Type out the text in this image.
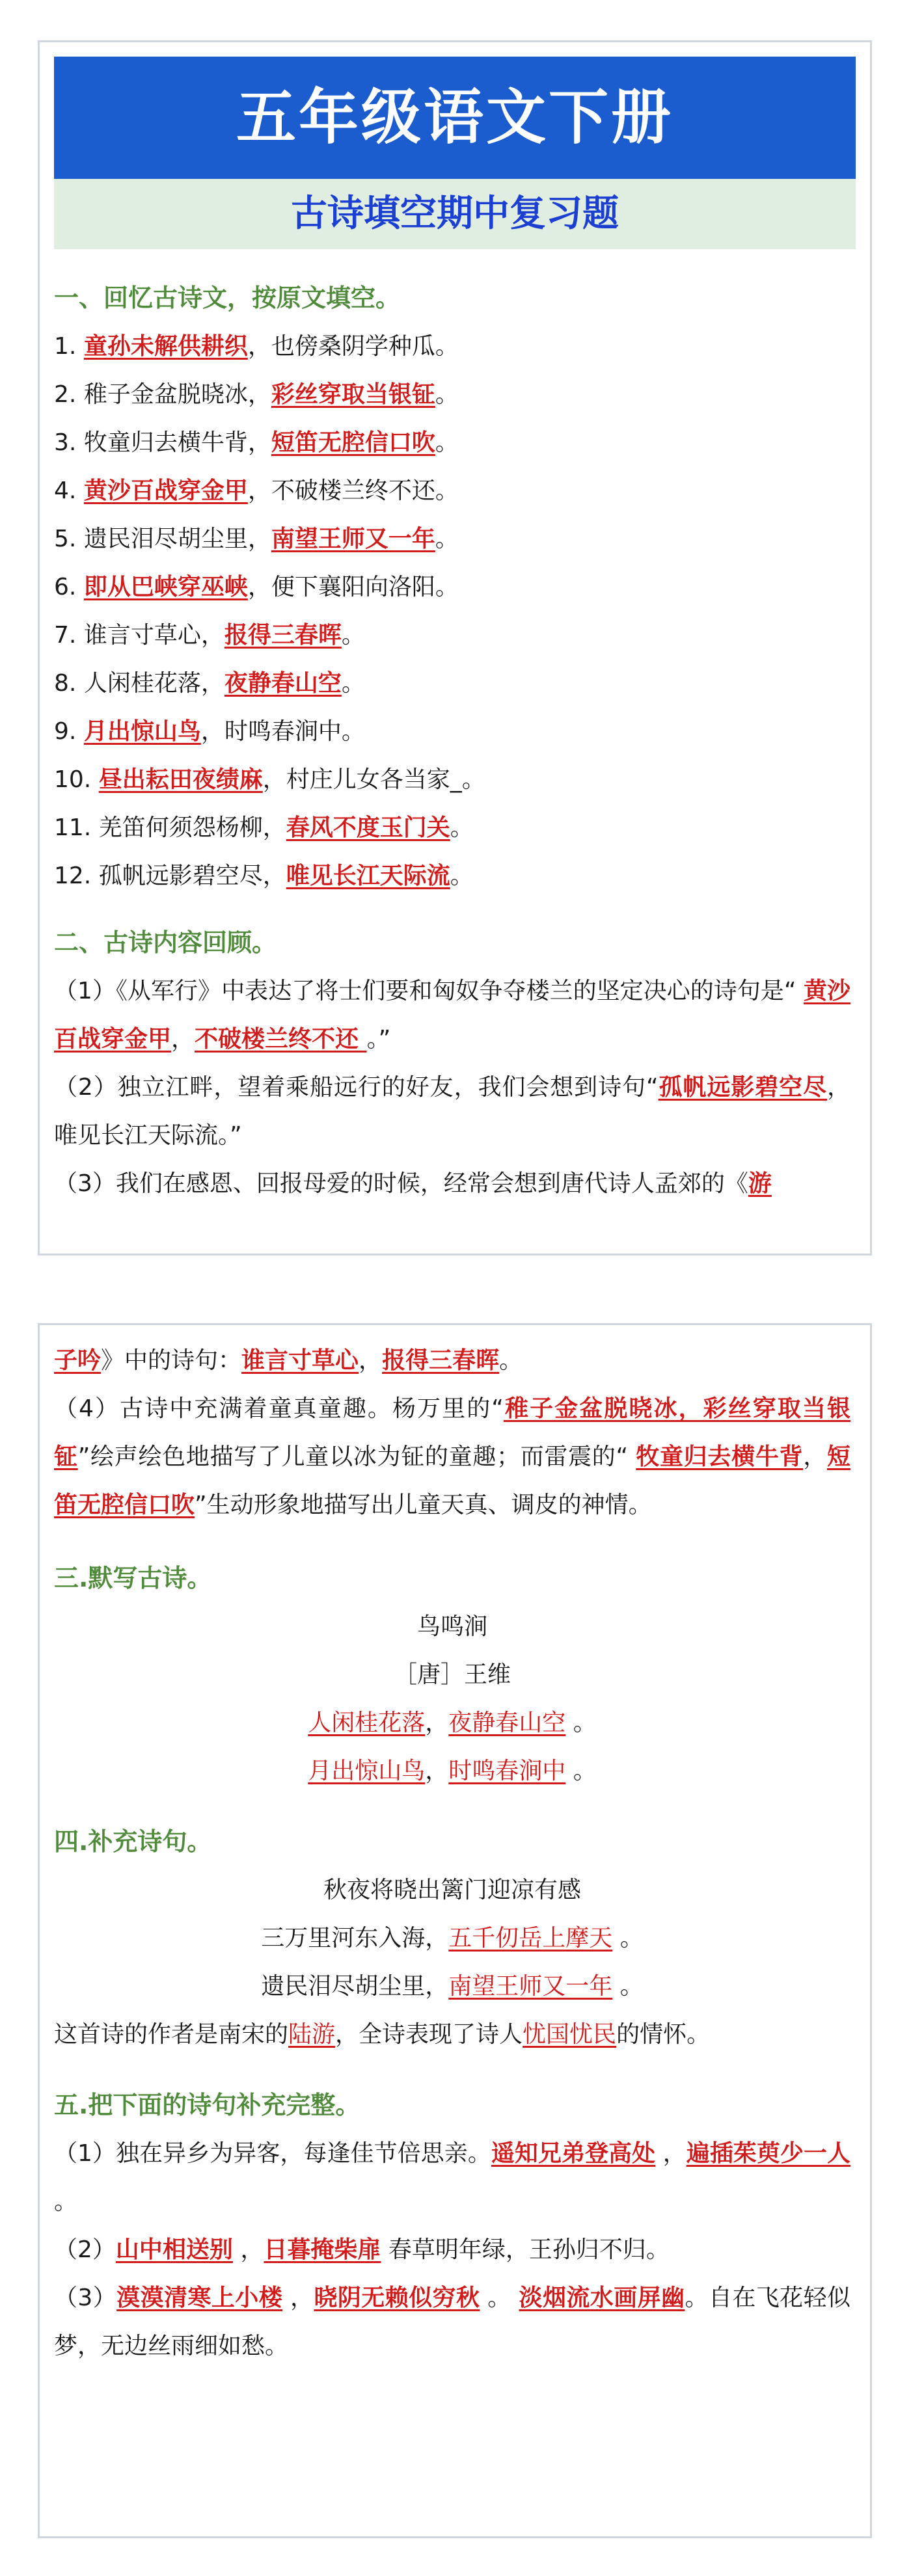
五年级语文下册
古诗填空期中复习题
一、回忆古诗文，按原文填空。
1. 童孙未解供耕织，也傍桑阴学种瓜。
2. 稚子金盆脱晓冰，彩丝穿取当银钲。
3. 牧童归去横牛背，短笛无腔信口吹。
4. 黄沙百战穿金甲，不破楼兰终不还。
5. 遗民泪尽胡尘里，南望王师又一年。
6. 即从巴峡穿巫峡，便下襄阳向洛阳。
7. 谁言寸草心，报得三春晖。
8. 人闲桂花落，夜静春山空。
9. 月出惊山鸟，时鸣春涧中。
10. 昼出耘田夜绩麻，村庄儿女各当家_。
11. 羌笛何须怨杨柳，春风不度玉门关。
12. 孤帆远影碧空尽，唯见长江天际流。
二、古诗内容回顾。
（1）《从军行》中表达了将士们要和匈奴争夺楼兰的坚定决心的诗句是“ 黄沙百战穿金甲，不破楼兰终不还 。”
（2）独立江畔，望着乘船远行的好友，我们会想到诗句“孤帆远影碧空尽，唯见长江天际流。”
（3）我们在感恩、回报母爱的时候，经常会想到唐代诗人孟郊的《游
子吟》中的诗句：谁言寸草心，报得三春晖。
（4）古诗中充满着童真童趣。杨万里的“稚子金盆脱晓冰，彩丝穿取当银钲”绘声绘色地描写了儿童以冰为钲的童趣；而雷震的“ 牧童归去横牛背，短笛无腔信口吹”生动形象地描写出儿童天真、调皮的神情。
三.默写古诗。
鸟鸣涧
［唐］王维
人闲桂花落，夜静春山空 。
月出惊山鸟，时鸣春涧中 。
四.补充诗句。
秋夜将晓出篱门迎凉有感
三万里河东入海，五千仞岳上摩天 。
遗民泪尽胡尘里，南望王师又一年 。
这首诗的作者是南宋的陆游，全诗表现了诗人忧国忧民的情怀。
五.把下面的诗句补充完整。
（1）独在异乡为异客，每逢佳节倍思亲。遥知兄弟登高处 ，遍插茱萸少一人 。
（2）山中相送别 ，日暮掩柴扉 春草明年绿，王孙归不归。
（3）漠漠清寒上小楼 ，晓阴无赖似穷秋 。 淡烟流水画屏幽。自在飞花轻似梦，无边丝雨细如愁。
